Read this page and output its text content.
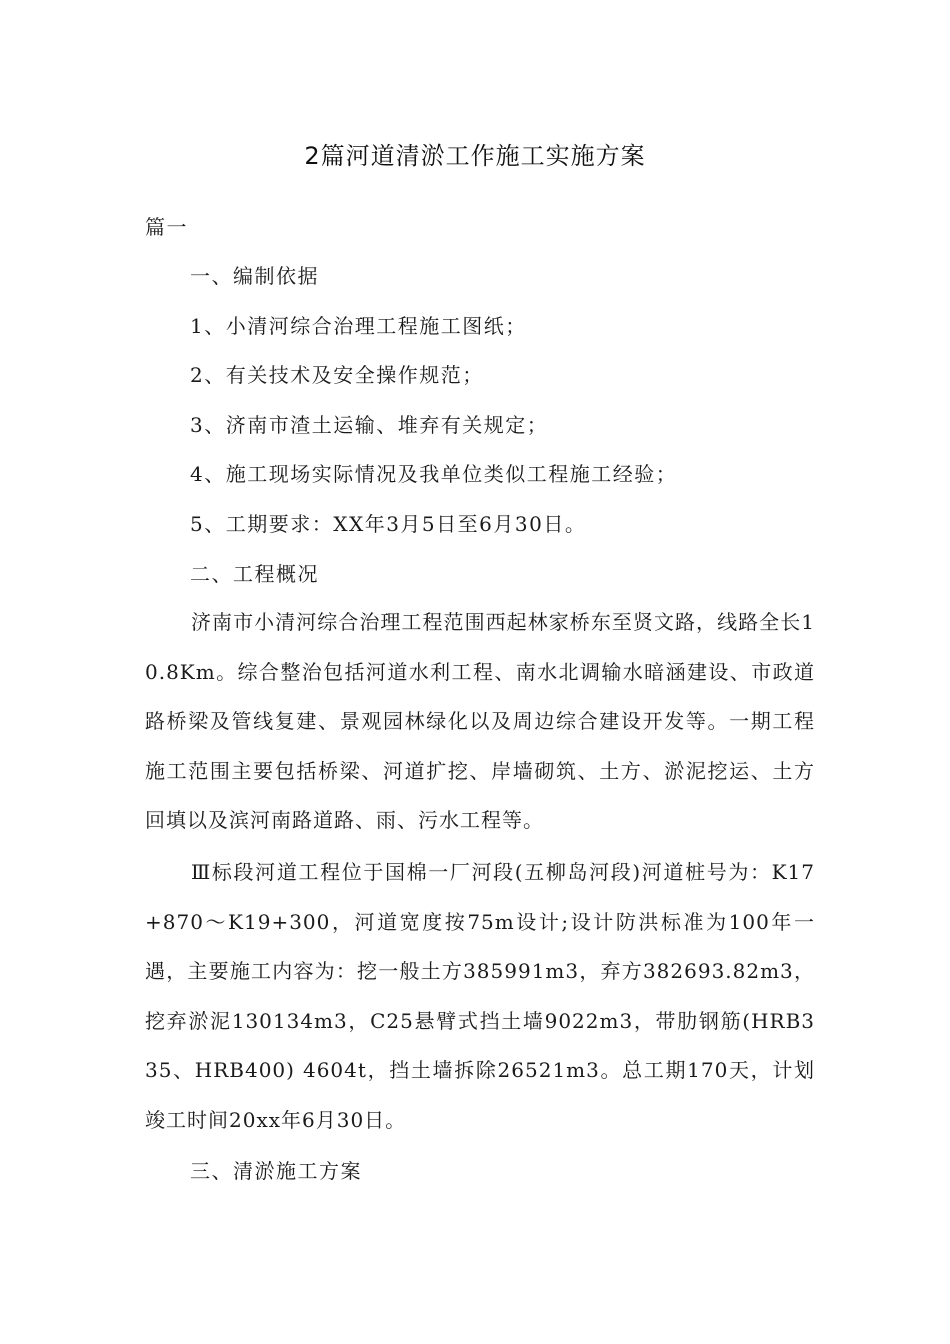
2篇河道清淤工作施工实施方案
篇一
一、编制依据
1、小清河综合治理工程施工图纸；
2、有关技术及安全操作规范；
3、济南市渣土运输、堆弃有关规定；
4、施工现场实际情况及我单位类似工程施工经验；
5、工期要求：XX年3月5日至6月30日。
二、工程概况
济南市小清河综合治理工程范围西起林家桥东至贤文路，线路全长10.8Km。综合整治包括河道水利工程、南水北调输水暗涵建设、市政道路桥梁及管线复建、景观园林绿化以及周边综合建设开发等。一期工程施工范围主要包括桥梁、河道扩挖、岸墙砌筑、土方、淤泥挖运、土方回填以及滨河南路道路、雨、污水工程等。
Ⅲ标段河道工程位于国棉一厂河段(五柳岛河段)河道桩号为：K17+870～K19+300，河道宽度按75m设计;设计防洪标准为100年一遇，主要施工内容为：挖一般土方385991m3，弃方382693.82m3，挖弃淤泥130134m3，C25悬臂式挡土墙9022m3，带肋钢筋(HRB335、HRB400) 4604t，挡土墙拆除26521m3。总工期170天，计划竣工时间20xx年6月30日。
三、清淤施工方案
